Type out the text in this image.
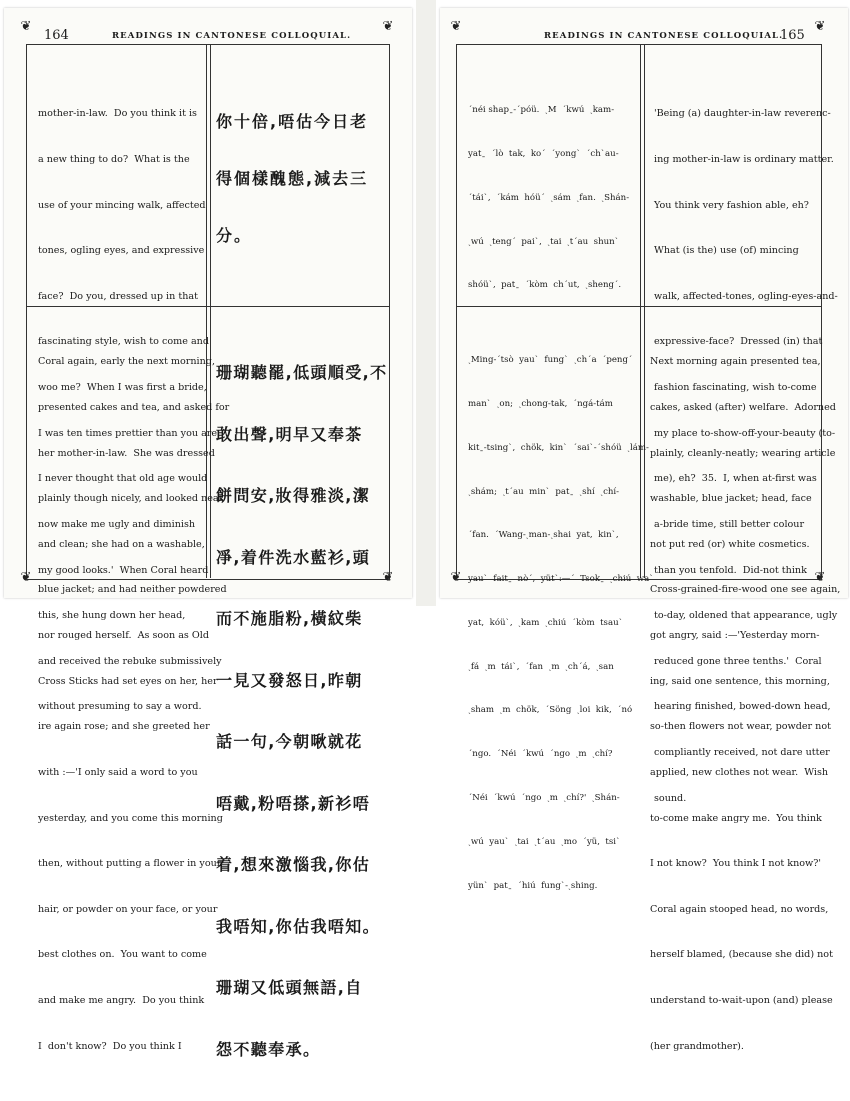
❦	❦
❦	❦
164	READINGS IN CANTONESE COLLOQUIAL.

mother-in-law.  Do you think it is

a new thing to do?  What is the

use of your mincing walk, affected

tones, ogling eyes, and expressive

face?  Do you, dressed up in that

fascinating style, wish to come and

woo me?  When I was first a bride,

I was ten times prettier than you are.

I never thought that old age would

now make me ugly and diminish

my good looks.'  When Coral heard

this, she hung down her head,

and received the rebuke submissively

without presuming to say a word.

你十倍,唔估今日老

得個樣醜態,減去三

分。

Coral again, early the next morning,

presented cakes and tea, and asked for

her mother-in-law.  She was dressed

plainly though nicely, and looked neat

and clean; she had on a washable,

blue jacket; and had neither powdered

nor rouged herself.  As soon as Old

Cross Sticks had set eyes on her, her

ire again rose; and she greeted her

with :—'I only said a word to you

yesterday, and you come this morning

then, without putting a flower in your

hair, or powder on your face, or your

best clothes on.  You want to come

and make me angry.  Do you think

I  don't know?  Do you think I

珊瑚聽罷,低頭順受,不

敢出聲,明早又奉茶

餅問安,妝得雅淡,潔

凈,着件洗水藍衫,頭

而不施脂粉,橫紋柴

一見又發怒日,昨朝

話一句,今朝啾就花

唔戴,粉唔搽,新衫唔

着,想來激惱我,你估

我唔知,你估我唔知。

珊瑚又低頭無語,自

怨不聽奉承。

❦	❦
❦	❦
READINGS IN CANTONESE COLLOQUIAL.
165

ˊnéi shapˍ-ˊpóü.  ˏM  ˊkwú  ˏkam-

yatˍ  ˊlò  tak,  koˊ  ˊyongˋ  ˊchˋau-

ˊtáiˋ,  ˊkám  hóüˊ  ˏsám  ˏfan.  ˏShán-

ˏwú  ˏtengˊ  paiˋ,  ˏtai  ˏtˊau  shunˋ

shóüˋ,  patˍ  ˊkòm  chˊut,  ˏshengˊ.

'Being (a) daughter-in-law reverenc-

ing mother-in-law is ordinary matter.

You think very fashion able, eh?

What (is the) use (of) mincing

walk, affected-tones, ogling-eyes-and-

expressive-face?  Dressed (in) that

fashion fascinating, wish to-come

my place to-show-off-your-beauty (to-

me), eh?  35.  I, when at-first was

a-bride time, still better colour

than you tenfold.  Did-not think

to-day, oldened that appearance, ugly

reduced gone three tenths.'  Coral

hearing finished, bowed-down head,

compliantly received, not dare utter

sound.

ˏMing-ˊtsò  yauˋ  fungˋ  ˏchˊa  ˊpengˊ

manˋ  ˏon;  ˏchong-tak,  ˊngá-tám

kitˍ-tsingˋ,  chök,  kinˋ  ˊsaiˋ-ˊshóü  ˏlám-

ˏshám;  ˏtˊau  minˋ  patˍ  ˏshí  ˏchí-

ˊfan.  ˊWang-ˏman-ˏshai  yat,  kinˋ,

yauˋ  faitˍ  nòˊ,  yütˋ:—ˊ  Tsokˍ  ˏchiú  waˋ

yat,  kóüˋ,  ˏkam  ˏchiú  ˊkòm  tsauˋ

ˏfá  ˏm  táiˋ,  ˊfan  ˏm  ˏchˊá,  ˏsan

ˏsham  ˏm  chök,  ˊSöng  ˏloi  kik,  ˊnó

ˊngo.  ˊNéi  ˊkwú  ˊngo  ˏm  ˏchí?

ˊNéi  ˊkwú  ˊngo  ˏm  ˏchí?'  ˏShán-

ˏwú  yauˋ  ˏtai  ˏtˊau  ˏmo  ˊyü,  tsiˋ

yünˋ  patˍ  ˊhiú  fungˋ-ˏshing.

Next morning again presented tea,

cakes, asked (after) welfare.  Adorned

plainly, cleanly-neatly; wearing article

washable, blue jacket; head, face

not put red (or) white cosmetics.

Cross-grained-fire-wood one see again,

got angry, said :—'Yesterday morn-

ing, said one sentence, this morning,

so-then flowers not wear, powder not

applied, new clothes not wear.  Wish

to-come make angry me.  You think

I not know?  You think I not know?'

Coral again stooped head, no words,

herself blamed, (because she did) not

understand to-wait-upon (and) please

(her grandmother).
